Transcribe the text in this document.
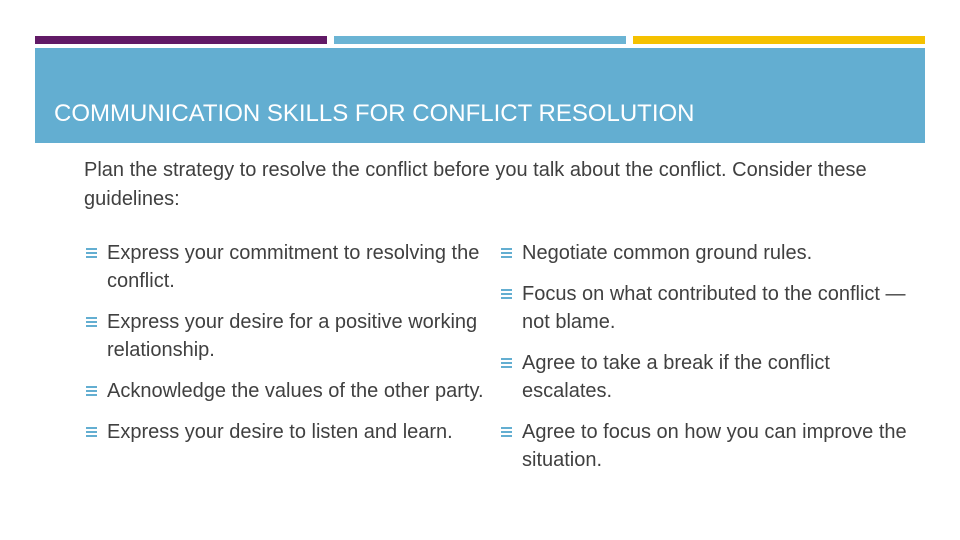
COMMUNICATION SKILLS FOR CONFLICT RESOLUTION

Plan the strategy to resolve the conflict before you talk about the conflict. Consider these guidelines:

Express your commitment to resolving the conflict.
Express your desire for a positive working relationship.
Acknowledge the values of the other party.
Express your desire to listen and learn.
Negotiate common ground rules.
Focus on what contributed to the conflict — not blame.
Agree to take a break if the conflict escalates.
Agree to focus on how you can improve the situation.
